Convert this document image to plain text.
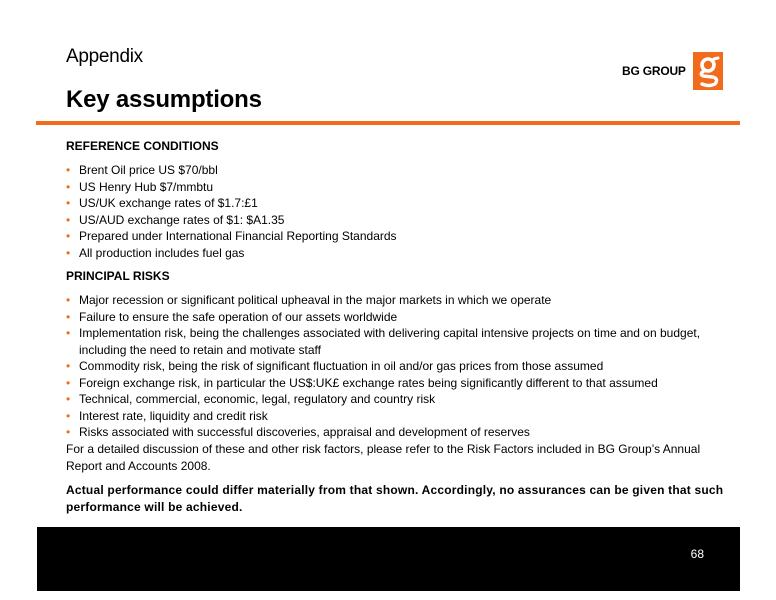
Appendix
Key assumptions
BG GROUP
REFERENCE CONDITIONS
• Brent Oil price US $70/bbl
• US Henry Hub $7/mmbtu
• US/UK exchange rates of $1.7:£1
• US/AUD exchange rates of $1: $A1.35
• Prepared under International Financial Reporting Standards
• All production includes fuel gas
PRINCIPAL RISKS
• Major recession or significant political upheaval in the major markets in which we operate
• Failure to ensure the safe operation of our assets worldwide
• Implementation risk, being the challenges associated with delivering capital intensive projects on time and on budget, including the need to retain and motivate staff
• Commodity risk, being the risk of significant fluctuation in oil and/or gas prices from those assumed
• Foreign exchange risk, in particular the US$:UK£ exchange rates being significantly different to that assumed
• Technical, commercial, economic, legal, regulatory and country risk
• Interest rate, liquidity and credit risk
• Risks associated with successful discoveries, appraisal and development of reserves

For a detailed discussion of these and other risk factors, please refer to the Risk Factors included in BG Group’s Annual Report and Accounts 2008.

Actual performance could differ materially from that shown. Accordingly, no assurances can be given that such performance will be achieved.

68
